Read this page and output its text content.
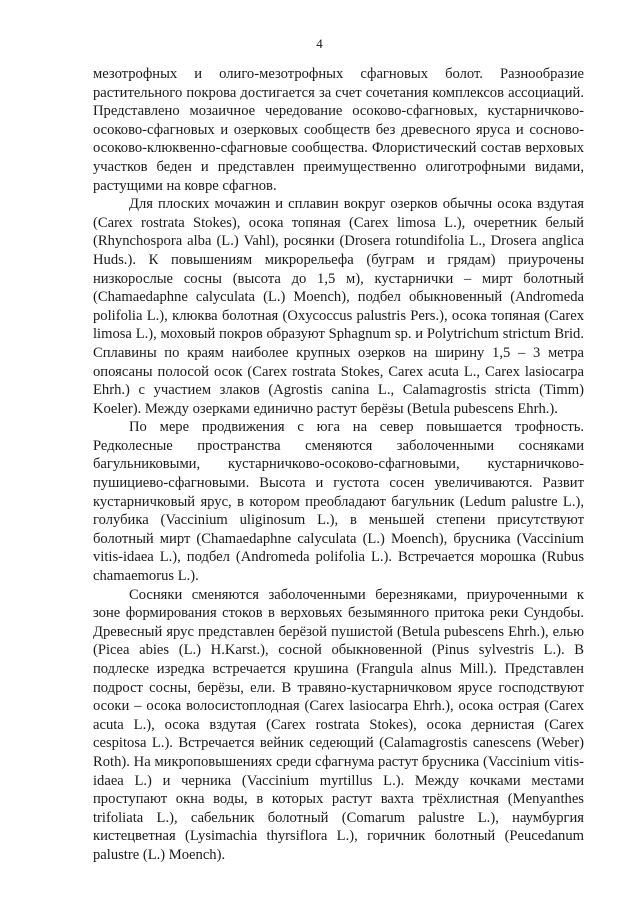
4

мезотрофных и олиго-мезотрофных сфагновых болот. Разнообразие растительного покрова достигается за счет сочетания комплексов ассоциаций. Представлено мозаичное чередование осоково-сфагновых, кустарничково-осоково-сфагновых и озерковых сообществ без древесного яруса и сосново-осоково-клюквенно-сфагновые сообщества. Флористический состав верховых участков беден и представлен преимущественно олиготрофными видами, растущими на ковре сфагнов.

Для плоских мочажин и сплавин вокруг озерков обычны осока вздутая (Carex rostrata Stokes), осока топяная (Carex limosa L.), очеретник белый (Rhynchospora alba (L.) Vahl), росянки (Drosera rotundifolia L., Drosera anglica Huds.). К повышениям микрорельефа (буграм и грядам) приурочены низкорослые сосны (высота до 1,5 м), кустарнички – мирт болотный (Chamaedaphne calyculata (L.) Moench), подбел обыкновенный (Andromeda polifolia L.), клюква болотная (Oxycoccus palustris Pers.), осока топяная (Carex limosa L.), моховый покров образуют Sphagnum sp. и Polytrichum strictum Brid. Сплавины по краям наиболее крупных озерков на ширину 1,5 – 3 метра опоясаны полосой осок (Carex rostrata Stokes, Carex acuta L., Carex lasiocarpa Ehrh.) с участием злаков (Agrostis canina L., Calamagrostis stricta (Timm) Koeler). Между озерками единично растут берёзы (Betula pubescens Ehrh.).

По мере продвижения с юга на север повышается трофность. Редколесные пространства сменяются заболоченными сосняками багульниковыми, кустарничково-осоково-сфагновыми, кустарничково-пушициево-сфагновыми. Высота и густота сосен увеличиваются. Развит кустарничковый ярус, в котором преобладают багульник (Ledum palustre L.), голубика (Vaccinium uliginosum L.), в меньшей степени присутствуют болотный мирт (Chamaedaphne calyculata (L.) Moench), брусника (Vaccinium vitis-idaea L.), подбел (Andromeda polifolia L.). Встречается морошка (Rubus chamaemorus L.).

Сосняки сменяются заболоченными березняками, приуроченными к зоне формирования стоков в верховьях безымянного притока реки Сундобы. Древесный ярус представлен берёзой пушистой (Betula pubescens Ehrh.), елью (Picea abies (L.) H.Karst.), сосной обыкновенной (Pinus sylvestris L.). В подлеске изредка встречается крушина (Frangula alnus Mill.). Представлен подрост сосны, берёзы, ели. В травяно-кустарничковом ярусе господствуют осоки – осока волосистоплодная (Carex lasiocarpa Ehrh.), осока острая (Carex acuta L.), осока вздутая (Carex rostrata Stokes), осока дернистая (Carex cespitosa L.). Встречается вейник седеющий (Calamagrostis canescens (Weber) Roth). На микроповышениях среди сфагнума растут брусника (Vaccinium vitis-idaea L.) и черника (Vaccinium myrtillus L.). Между кочками местами проступают окна воды, в которых растут вахта трёхлистная (Menyanthes trifoliata L.), сабельник болотный (Comarum palustre L.), наумбургия кистецветная (Lysimachia thyrsiflora L.), горичник болотный (Peucedanum palustre (L.) Moench).
